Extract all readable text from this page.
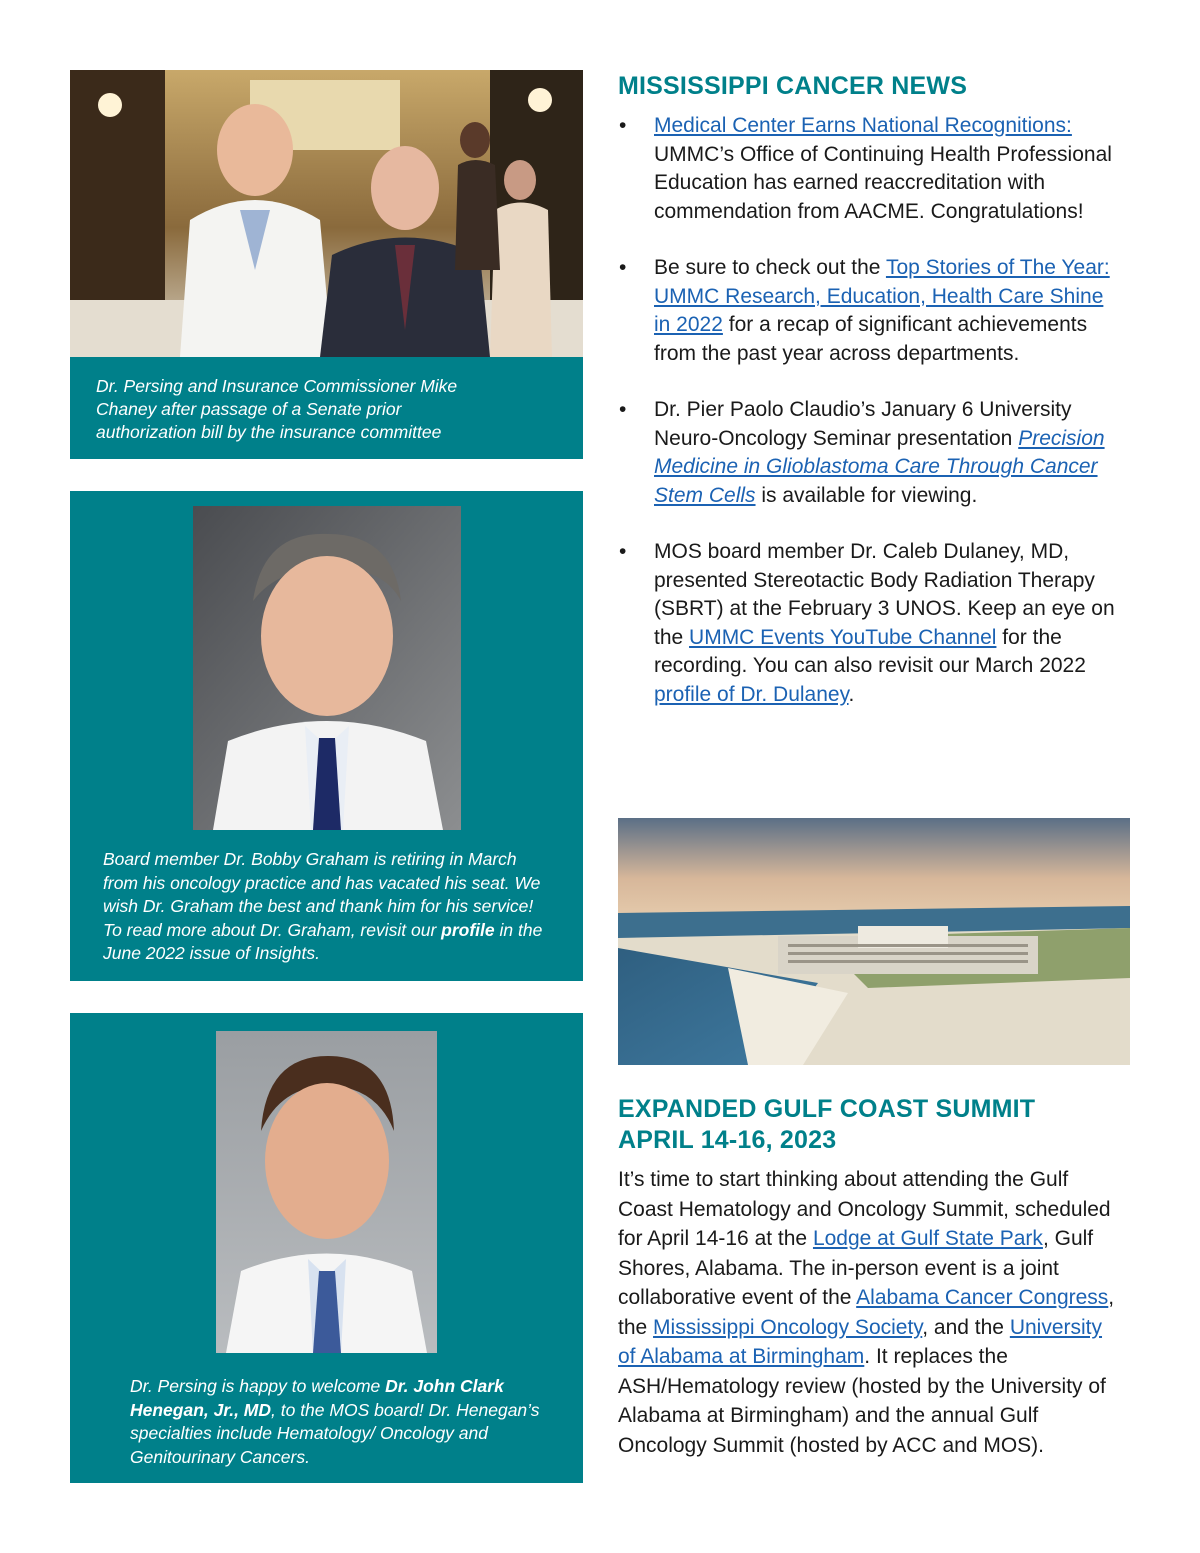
Dr. Persing and Insurance Commissioner Mike Chaney after passage of a Senate prior authorization bill by the insurance committee
Board member Dr. Bobby Graham is retiring in March from his oncology practice and has vacated his seat. We wish Dr. Graham the best and thank him for his service! To read more about Dr. Graham, revisit our profile in the June 2022 issue of Insights.
Dr. Persing is happy to welcome Dr. John Clark Henegan, Jr., MD, to the MOS board! Dr. Henegan’s specialties include Hematology/ Oncology and Genitourinary Cancers.
MISSISSIPPI CANCER NEWS
• Medical Center Earns National Recognitions: UMMC’s Office of Continuing Health Professional Education has earned reaccreditation with commendation from AACME. Congratulations!
• Be sure to check out the Top Stories of The Year: UMMC Research, Education, Health Care Shine in 2022 for a recap of significant achievements from the past year across departments.
• Dr. Pier Paolo Claudio’s January 6 University Neuro-Oncology Seminar presentation Precision Medicine in Glioblastoma Care Through Cancer Stem Cells is available for viewing.
• MOS board member Dr. Caleb Dulaney, MD, presented Stereotactic Body Radiation Therapy (SBRT) at the February 3 UNOS. Keep an eye on the UMMC Events YouTube Channel for the recording. You can also revisit our March 2022 profile of Dr. Dulaney.
EXPANDED GULF COAST SUMMIT
APRIL 14-16, 2023

It’s time to start thinking about attending the Gulf Coast Hematology and Oncology Summit, scheduled for April 14-16 at the Lodge at Gulf State Park, Gulf Shores, Alabama. The in-person event is a joint collaborative event of the Alabama Cancer Congress, the Mississippi Oncology Society, and the University of Alabama at Birmingham. It replaces the ASH/Hematology review (hosted by the University of Alabama at Birmingham) and the annual Gulf Oncology Summit (hosted by ACC and MOS).
